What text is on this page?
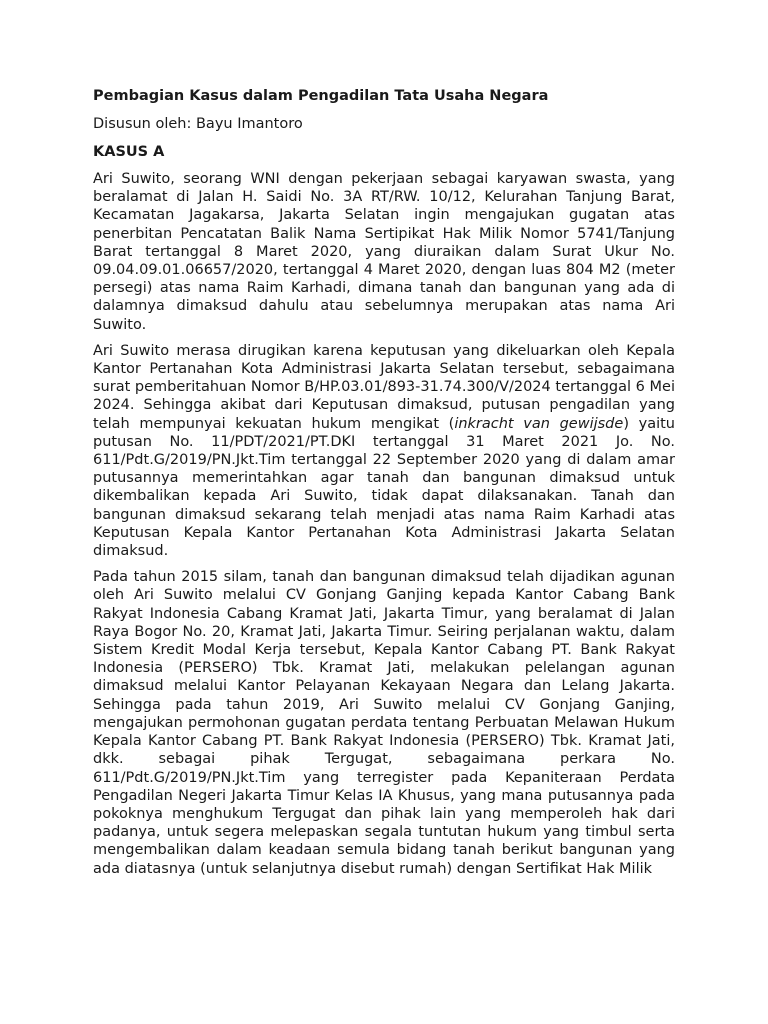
Pembagian Kasus dalam Pengadilan Tata Usaha Negara
Disusun oleh: Bayu Imantoro
KASUS A

Ari Suwito, seorang WNI dengan pekerjaan sebagai karyawan swasta, yang beralamat di Jalan H. Saidi No. 3A RT/RW. 10/12, Kelurahan Tanjung Barat, Kecamatan Jagakarsa, Jakarta Selatan ingin mengajukan gugatan atas penerbitan Pencatatan Balik Nama Sertipikat Hak Milik Nomor 5741/Tanjung Barat tertanggal 8 Maret 2020, yang diuraikan dalam Surat Ukur No. 09.04.09.01.06657/2020, tertanggal 4 Maret 2020, dengan luas 804 M2 (meter persegi) atas nama Raim Karhadi, dimana tanah dan bangunan yang ada di dalamnya dimaksud dahulu atau sebelumnya merupakan atas nama Ari Suwito.

Ari Suwito merasa dirugikan karena keputusan yang dikeluarkan oleh Kepala Kantor Pertanahan Kota Administrasi Jakarta Selatan tersebut, sebagaimana surat pemberitahuan Nomor B/HP.03.01/893-31.74.300/V/2024 tertanggal 6 Mei 2024. Sehingga akibat dari Keputusan dimaksud, putusan pengadilan yang telah mempunyai kekuatan hukum mengikat (inkracht van gewijsde) yaitu putusan No. 11/PDT/2021/PT.DKI tertanggal 31 Maret 2021 Jo. No. 611/Pdt.G/2019/PN.Jkt.Tim tertanggal 22 September 2020 yang di dalam amar putusannya memerintahkan agar tanah dan bangunan dimaksud untuk dikembalikan kepada Ari Suwito, tidak dapat dilaksanakan. Tanah dan bangunan dimaksud sekarang telah menjadi atas nama Raim Karhadi atas Keputusan Kepala Kantor Pertanahan Kota Administrasi Jakarta Selatan dimaksud.

Pada tahun 2015 silam, tanah dan bangunan dimaksud telah dijadikan agunan oleh Ari Suwito melalui CV Gonjang Ganjing kepada Kantor Cabang Bank Rakyat Indonesia Cabang Kramat Jati, Jakarta Timur, yang beralamat di Jalan Raya Bogor No. 20, Kramat Jati, Jakarta Timur. Seiring perjalanan waktu, dalam Sistem Kredit Modal Kerja tersebut, Kepala Kantor Cabang PT. Bank Rakyat Indonesia (PERSERO) Tbk. Kramat Jati, melakukan pelelangan agunan dimaksud melalui Kantor Pelayanan Kekayaan Negara dan Lelang Jakarta. Sehingga pada tahun 2019, Ari Suwito melalui CV Gonjang Ganjing, mengajukan permohonan gugatan perdata tentang Perbuatan Melawan Hukum Kepala Kantor Cabang PT. Bank Rakyat Indonesia (PERSERO) Tbk. Kramat Jati, dkk. sebagai pihak Tergugat, sebagaimana perkara No. 611/Pdt.G/2019/PN.Jkt.Tim yang terregister pada Kepaniteraan Perdata Pengadilan Negeri Jakarta Timur Kelas IA Khusus, yang mana putusannya pada pokoknya menghukum Tergugat dan pihak lain yang memperoleh hak dari padanya, untuk segera melepaskan segala tuntutan hukum yang timbul serta mengembalikan dalam keadaan semula bidang tanah berikut bangunan yang ada diatasnya (untuk selanjutnya disebut rumah) dengan Sertifikat Hak Milik
